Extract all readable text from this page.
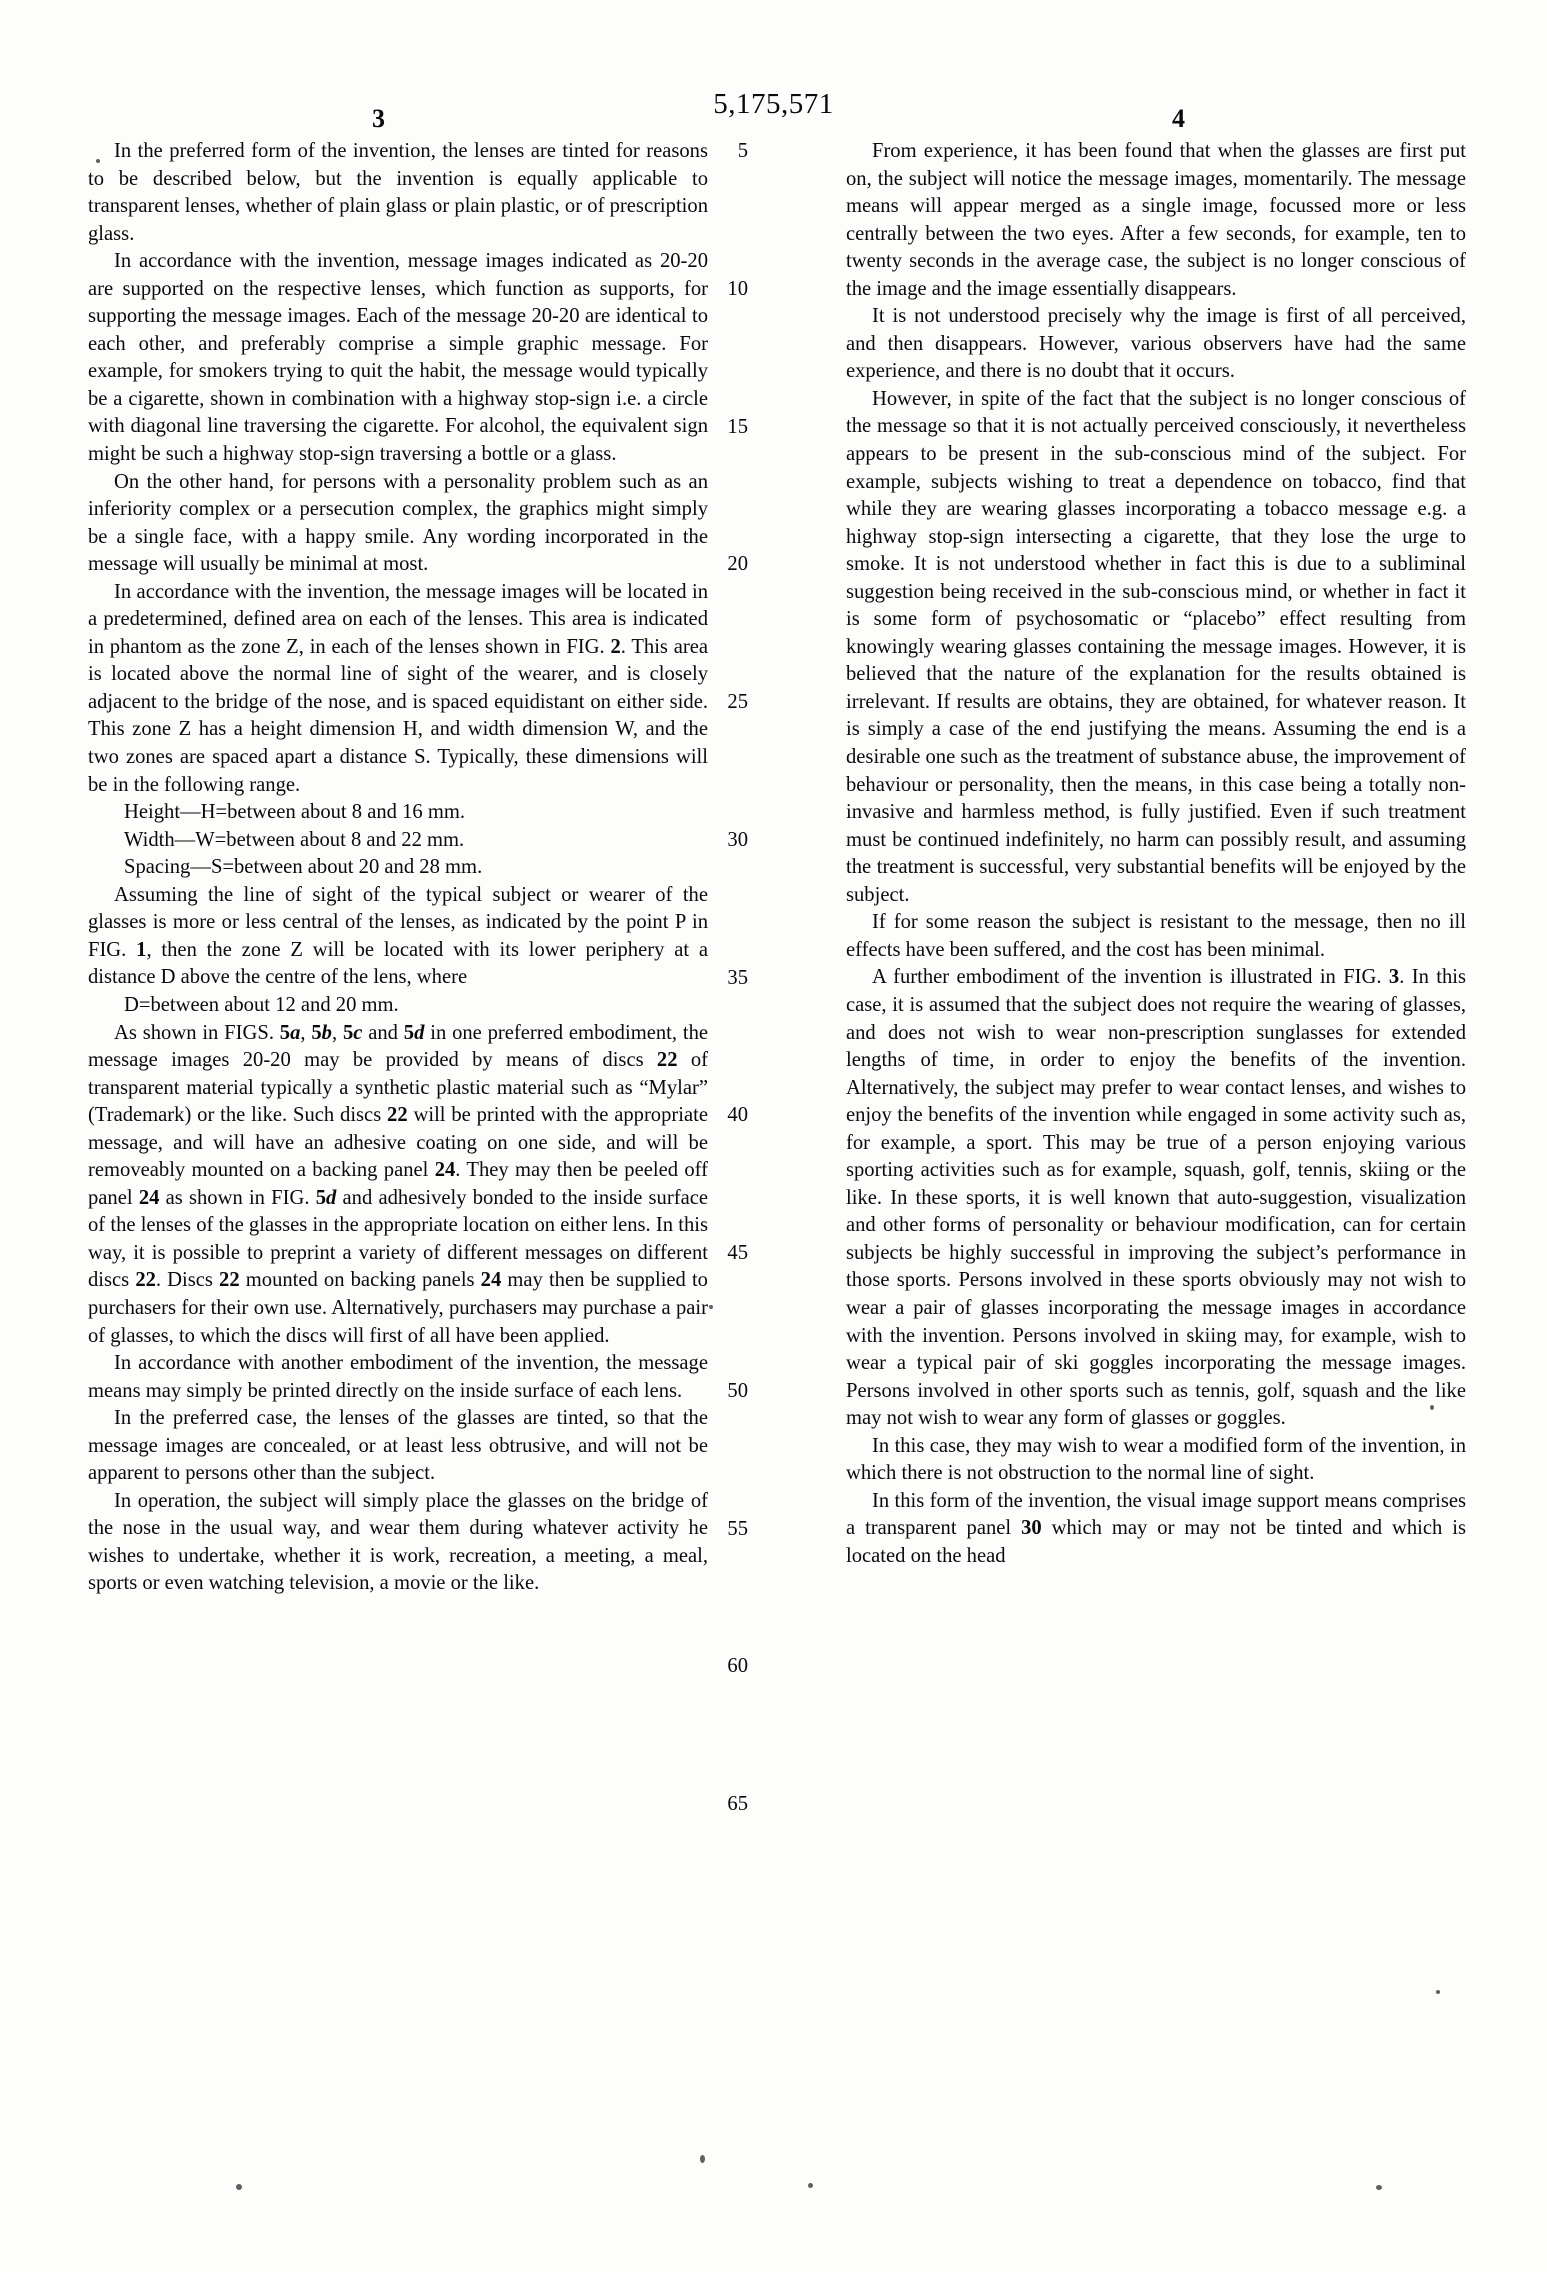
5,175,571
3	4
5
10
15
20
25
30
35
40
45
50
55
60
65

In the preferred form of the invention, the lenses are tinted for reasons to be described below, but the invention is equally applicable to transparent lenses, whether of plain glass or plain plastic, or of prescription glass.

In accordance with the invention, message images indicated as 20-20 are supported on the respective lenses, which function as supports, for supporting the message images. Each of the message 20-20 are identical to each other, and preferably comprise a simple graphic message. For example, for smokers trying to quit the habit, the message would typically be a cigarette, shown in combination with a highway stop-sign i.e. a circle with diagonal line traversing the cigarette. For alcohol, the equivalent sign might be such a highway stop-sign traversing a bottle or a glass.

On the other hand, for persons with a personality problem such as an inferiority complex or a persecution complex, the graphics might simply be a single face, with a happy smile. Any wording incorporated in the message will usually be minimal at most.

In accordance with the invention, the message images will be located in a predetermined, defined area on each of the lenses. This area is indicated in phantom as the zone Z, in each of the lenses shown in FIG. 2. This area is located above the normal line of sight of the wearer, and is closely adjacent to the bridge of the nose, and is spaced equidistant on either side. This zone Z has a height dimension H, and width dimension W, and the two zones are spaced apart a distance S. Typically, these dimensions will be in the following range.

Height—H=between about 8 and 16 mm.

Width—W=between about 8 and 22 mm.

Spacing—S=between about 20 and 28 mm.

Assuming the line of sight of the typical subject or wearer of the glasses is more or less central of the lenses, as indicated by the point P in FIG. 1, then the zone Z will be located with its lower periphery at a distance D above the centre of the lens, where

D=between about 12 and 20 mm.

As shown in FIGS. 5a, 5b, 5c and 5d in one preferred embodiment, the message images 20-20 may be provided by means of discs 22 of transparent material typically a synthetic plastic material such as “Mylar” (Trademark) or the like. Such discs 22 will be printed with the appropriate message, and will have an adhesive coating on one side, and will be removeably mounted on a backing panel 24. They may then be peeled off panel 24 as shown in FIG. 5d and adhesively bonded to the inside surface of the lenses of the glasses in the appropriate location on either lens. In this way, it is possible to preprint a variety of different messages on different discs 22. Discs 22 mounted on backing panels 24 may then be supplied to purchasers for their own use. Alternatively, purchasers may purchase a pair of glasses, to which the discs will first of all have been applied.

In accordance with another embodiment of the invention, the message means may simply be printed directly on the inside surface of each lens.

In the preferred case, the lenses of the glasses are tinted, so that the message images are concealed, or at least less obtrusive, and will not be apparent to persons other than the subject.

In operation, the subject will simply place the glasses on the bridge of the nose in the usual way, and wear them during whatever activity he wishes to undertake, whether it is work, recreation, a meeting, a meal, sports or even watching television, a movie or the like.

From experience, it has been found that when the glasses are first put on, the subject will notice the message images, momentarily. The message means will appear merged as a single image, focussed more or less centrally between the two eyes. After a few seconds, for example, ten to twenty seconds in the average case, the subject is no longer conscious of the image and the image essentially disappears.

It is not understood precisely why the image is first of all perceived, and then disappears. However, various observers have had the same experience, and there is no doubt that it occurs.

However, in spite of the fact that the subject is no longer conscious of the message so that it is not actually perceived consciously, it nevertheless appears to be present in the sub-conscious mind of the subject. For example, subjects wishing to treat a dependence on tobacco, find that while they are wearing glasses incorporating a tobacco message e.g. a highway stop-sign intersecting a cigarette, that they lose the urge to smoke. It is not understood whether in fact this is due to a subliminal suggestion being received in the sub-conscious mind, or whether in fact it is some form of psychosomatic or “placebo” effect resulting from knowingly wearing glasses containing the message images. However, it is believed that the nature of the explanation for the results obtained is irrelevant. If results are obtains, they are obtained, for whatever reason. It is simply a case of the end justifying the means. Assuming the end is a desirable one such as the treatment of substance abuse, the improvement of behaviour or personality, then the means, in this case being a totally non-invasive and harmless method, is fully justified. Even if such treatment must be continued indefinitely, no harm can possibly result, and assuming the treatment is successful, very substantial benefits will be enjoyed by the subject.

If for some reason the subject is resistant to the message, then no ill effects have been suffered, and the cost has been minimal.

A further embodiment of the invention is illustrated in FIG. 3. In this case, it is assumed that the subject does not require the wearing of glasses, and does not wish to wear non-prescription sunglasses for extended lengths of time, in order to enjoy the benefits of the invention. Alternatively, the subject may prefer to wear contact lenses, and wishes to enjoy the benefits of the invention while engaged in some activity such as, for example, a sport. This may be true of a person enjoying various sporting activities such as for example, squash, golf, tennis, skiing or the like. In these sports, it is well known that auto-suggestion, visualization and other forms of personality or behaviour modification, can for certain subjects be highly successful in improving the subject’s performance in those sports. Persons involved in these sports obviously may not wish to wear a pair of glasses incorporating the message images in accordance with the invention. Persons involved in skiing may, for example, wish to wear a typical pair of ski goggles incorporating the message images. Persons involved in other sports such as tennis, golf, squash and the like may not wish to wear any form of glasses or goggles.

In this case, they may wish to wear a modified form of the invention, in which there is not obstruction to the normal line of sight.

In this form of the invention, the visual image support means comprises a transparent panel 30 which may or may not be tinted and which is located on the head
